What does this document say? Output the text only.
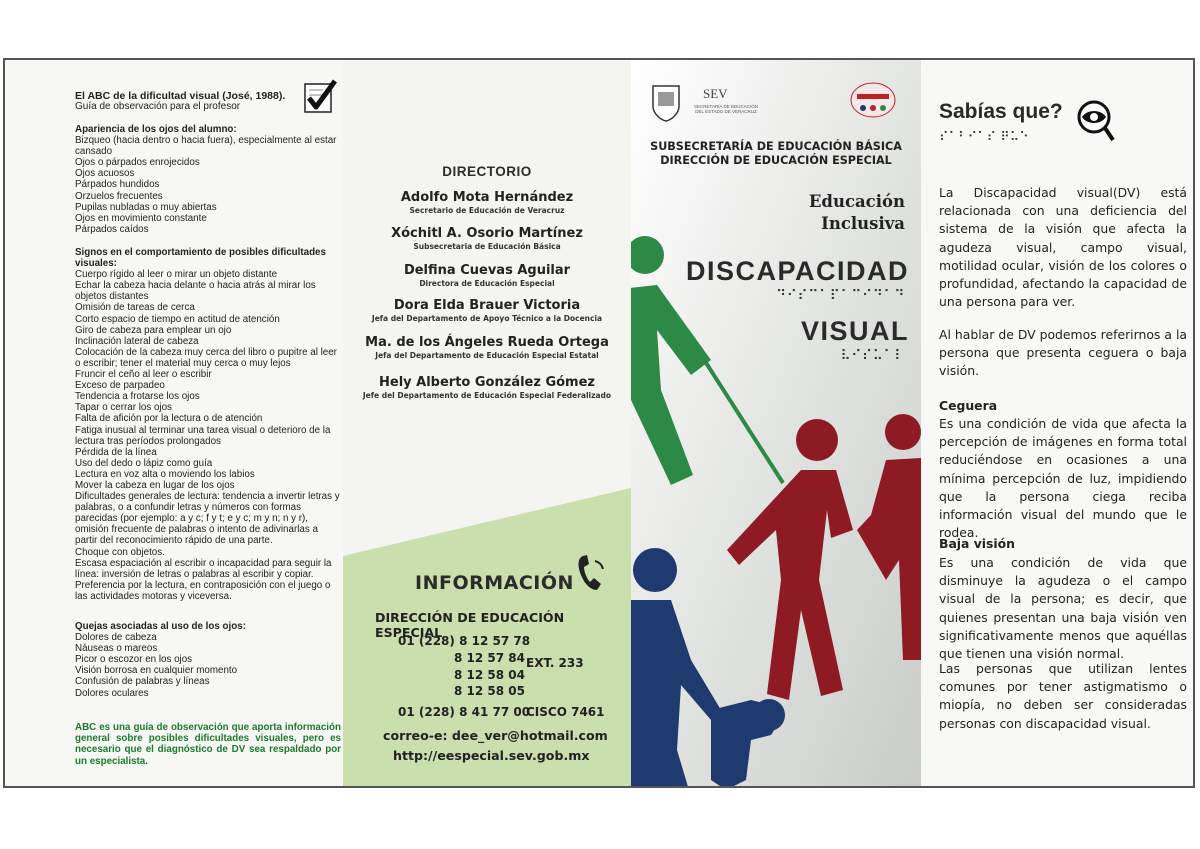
El ABC de la dificultad visual (José, 1988).
Guía de observación para el profesor
Apariencia de los ojos del alumno:
Bizqueo (hacia dentro o hacia fuera), especialmente al estar cansado
Ojos o párpados enrojecidos
Ojos acuosos
Párpados hundidos
Orzuelos frecuentes
Pupilas nubladas o muy abiertas
Ojos en movimiento constante
Párpados caídos
Signos en el comportamiento de posibles dificultades visuales:
Cuerpo rígido al leer o mirar un objeto distante
Echar la cabeza hacia delante o hacia atrás al mirar los objetos distantes
Omisión de tareas de cerca
Corto espacio de tiempo en actitud de atención
Giro de cabeza para emplear un ojo
Inclinación lateral de cabeza
Colocación de la cabeza muy cerca del libro o pupitre al leer o escribir; tener el material muy cerca o muy lejos
Fruncir el ceño al leer o escribir
Exceso de parpadeo
Tendencia a frotarse los ojos
Tapar o cerrar los ojos
Falta de afición por la lectura o de atención
Fatiga inusual al terminar una tarea visual o deterioro de la lectura tras períodos prolongados
Pérdida de la línea
Uso del dedo o lápiz como guía
Lectura en voz alta o moviendo los labios
Mover la cabeza en lugar de los ojos
Dificultades generales de lectura: tendencia a invertir letras y palabras, o a confundir letras y números con formas parecidas (por ejemplo: a y c; f y t; e y c; m y n; n y r), omisión frecuente de palabras o intento de adivinarlas a partir del reconocimiento rápido de una parte.
Choque con objetos.
Escasa espaciación al escribir o incapacidad para seguir la línea: inversión de letras o palabras al escribir y copiar.
Preferencia por la lectura, en contraposición con el juego o las actividades motoras y viceversa.
Quejas asociadas al uso de los ojos:
Dolores de cabeza
Náuseas o mareos
Picor o escozor en los ojos
Visión borrosa en cualquier momento
Confusión de palabras y líneas
Dolores oculares
ABC es una guía de observación que aporta información general sobre posibles dificultades visuales, pero es necesario que el diagnóstico de DV sea respaldado por un especialista.
DIRECTORIO
Adolfo Mota Hernández
Secretario de Educación de Veracruz
Xóchitl A. Osorio Martínez
Subsecretaria de Educación Básica
Delfina Cuevas Aguilar
Directora de Educación Especial
Dora Elda Brauer Victoria
Jefa del Departamento de Apoyo Técnico a la Docencia
Ma. de los Ángeles Rueda Ortega
Jefa del Departamento de Educación Especial Estatal
Hely Alberto González Gómez
Jefe del Departamento de Educación Especial Federalizado
INFORMACIÓN
DIRECCIÓN DE EDUCACIÓN ESPECIAL
01 (228) 8 12 57 78
8 12 57 84 EXT. 233
8 12 58 04
8 12 58 05
01 (228) 8 41 77 00
CISCO 7461
correo-e: dee_ver@hotmail.com
http://eespecial.sev.gob.mx
SEV
SECRETARÍA DE EDUCACIÓN DEL ESTADO DE VERACRUZ
SUBSECRETARÍA DE EDUCACIÓN BÁSICA
DIRECCIÓN DE EDUCACIÓN ESPECIAL
Educación
Inclusiva
DISCAPACIDAD
⠙⠊⠎⠉⠁⠏⠁⠉⠊⠙⠁⠙
VISUAL
⠧⠊⠎⠥⠁⠇
Sabías que?
⠎⠁⠃⠊⠁⠎ ⠟⠥⠑
La Discapacidad visual(DV) está relacionada con una deficiencia del sistema de la visión que afecta la agudeza visual, campo visual, motilidad ocular, visión de los colores o profundidad, afectando la capacidad de una persona para ver.
Al hablar de DV podemos referirnos a la persona que presenta ceguera o baja visión.
Ceguera
Es una condición de vida que afecta la percepción de imágenes en forma total reduciéndose en ocasiones a una mínima percepción de luz, impidiendo que la persona ciega reciba información visual del mundo que le rodea.
Baja visión
Es una condición de vida que disminuye la agudeza o el campo visual de la persona; es decir, que quienes presentan una baja visión ven significativamente menos que aquéllas que tienen una visión normal.
Las personas que utilizan lentes comunes por tener astigmatismo o miopía, no deben ser consideradas personas con discapacidad visual.
